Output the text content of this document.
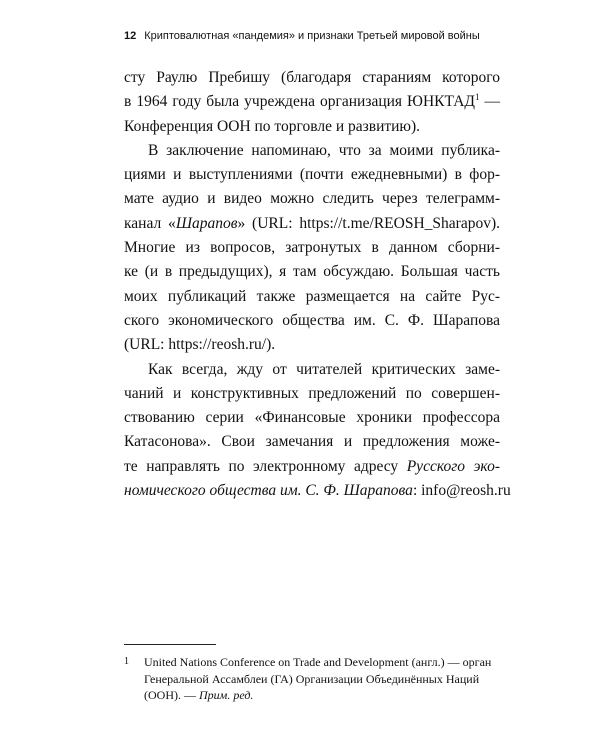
12 Криптовалютная «пандемия» и признаки Третьей мировой войны
сту Раулю Пребишу (благодаря стараниям которого
в 1964 году была учреждена организация ЮНКТАД$^1$ —
Конференция ООН по торговле и развитию).
В заключение напоминаю, что за моими публика-
циями и выступлениями (почти ежедневными) в фор-
мате аудио и видео можно следить через телеграмм-
канал «Шарапов» (URL: https://t.me/REOSH_Sharapov).
Многие из вопросов, затронутых в данном сборни-
ке (и в предыдущих), я там обсуждаю. Большая часть
моих публикаций также размещается на сайте Рус-
ского экономического общества им. С. Ф. Шарапова
(URL: https://reosh.ru/).
Как всегда, жду от читателей критических заме-
чаний и конструктивных предложений по совершен-
ствованию серии «Финансовые хроники профессора
Катасонова». Свои замечания и предложения може-
те направлять по электронному адресу Русского эко-
номического общества им. С. Ф. Шарапова: info@reosh.ru
1 United Nations Conference on Trade and Development (англ.) — орган
Генеральной Ассамблеи (ГА) Организации Объединённых Наций
(ООН). — Прим. ред.
